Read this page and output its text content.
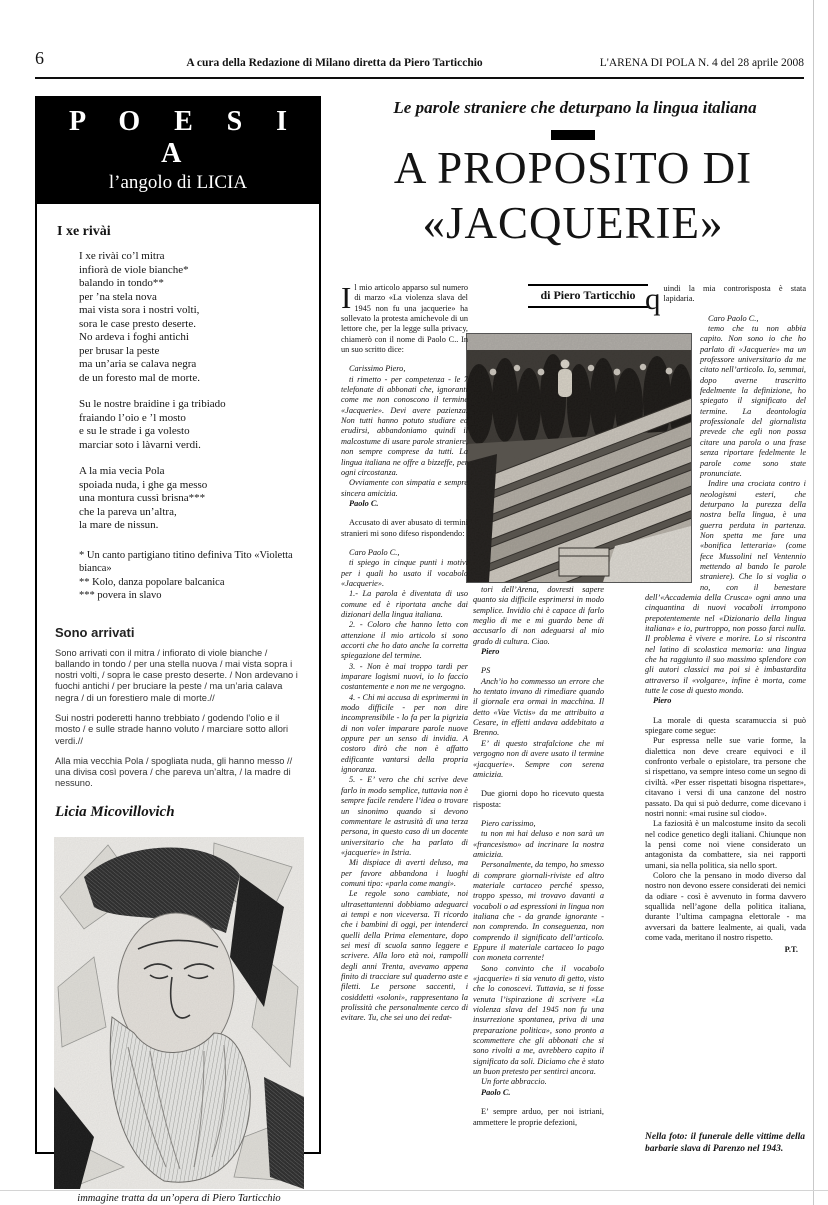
6	A cura della Redazione di Milano diretta da Piero Tarticchio	L'ARENA DI POLA N. 4 del 28 aprile 2008
P O E S I A
l’angolo di LICIA
I xe rivài
I xe rivài co’l mitra
infiorà de viole bianche*
balando in tondo**
per ’na stela nova
mai vista sora i nostri volti,
sora le case presto deserte.
No ardeva i foghi antichi
per brusar la peste
ma un’aria se calava negra
de un foresto mal de morte.
Su le nostre braidine i ga tribiado
fraiando l’oio e ’l mosto
e su le strade i ga volesto
marciar soto i làvarni verdi.
A la mia vecia Pola
spoiada nuda, i ghe ga messo
una montura cussì brisna***
che la pareva un’altra,
la mare de nissun.
* Un canto partigiano titino definiva Tito «Violetta bianca»
** Kolo, danza popolare balcanica
*** povera in slavo
Sono arrivati

Sono arrivati con il mitra / infiorato di viole bianche / ballando in tondo / per una stella nuova / mai vista sopra i nostri volti, / sopra le case presto deserte. / Non ardevano i fuochi antichi / per bruciare la peste / ma un’aria calava negra / di un forestiero male di morte.//

Sui nostri poderetti hanno trebbiato / godendo l’olio e il mosto / e sulle strade hanno voluto / marciare sotto allori verdi.//

Alla mia vecchia Pola / spogliata nuda, gli hanno messo // una divisa così povera / che pareva un’altra, / la madre di nessuno.

Licia Micovillovich
immagine tratta da un’opera di Piero Tarticchio
Le parole straniere che deturpano la lingua italiana
A PROPOSITO DI
«JACQUERIE»
di Piero Tarticchio

Il mio articolo apparso sul numero di marzo «La violenza slava del 1945 non fu una jacquerie» ha sollevato la protesta amichevole di un lettore che, per la legge sulla privacy, chiamerò con il nome di Paolo C.. In un suo scritto dice:

Carissimo Piero,

ti rimetto - per competenza - le 7 telefonate di abbonati che, ignoranti come me non conoscono il termine «Jacquerie». Devi avere pazienza. Non tutti hanno potuto studiare ed erudirsi, abbandoniamo quindi il malcostume di usare parole straniere, non sempre comprese da tutti. La lingua italiana ne offre a bizzeffe, per ogni circostanza.

Ovviamente con simpatia e sempre sincera amicizia.

Paolo C.

Accusato di aver abusato di termini stranieri mi sono difeso rispondendo:

Caro Paolo C.,

ti spiego in cinque punti i motivi per i quali ho usato il vocabolo «Jacquerie».

1.- La parola è diventata di uso comune ed è riportata anche dai dizionari della lingua italiana.

2. - Coloro che hanno letto con attenzione il mio articolo si sono accorti che ho dato anche la corretta spiegazione del termine.

3. - Non è mai troppo tardi per imparare logismi nuovi, io lo faccio costantemente e non me ne vergogno.

4. - Chi mi accusa di esprimermi in modo difficile - per non dire incomprensibile - lo fa per la pigrizia di non voler imparare parole nuove oppure per un senso di invidia. A costoro dirò che non è affatto edificante vantarsi della propria ignoranza.

5. - E’ vero che chi scrive deve farlo in modo semplice, tuttavia non è sempre facile rendere l’idea o trovare un sinonimo quando si devono commentare le astrusità di una terza persona, in questo caso di un docente universitario che ha parlato di «jacquerie» in Istria.

Mi dispiace di averti deluso, ma per favore abbandona i luoghi comuni tipo: «parla come mangi».

Le regole sono cambiate, noi ultrasettantenni dobbiamo adeguarci ai tempi e non viceversa. Ti ricordo che i bambini di oggi, per intenderci quelli della Prima elementare, dopo sei mesi di scuola sanno leggere e scrivere. Alla loro età noi, rampolli degli anni Trenta, avevamo appena finito di tracciare sul quaderno aste e filetti. Le persone saccenti, i cosiddetti «soloni», rappresentano la prolissità che personalmente cerco di evitare. Tu, che sei uno dei redat-

tori dell’Arena, dovresti sapere quanto sia difficile esprimersi in modo semplice. Invidio chi è capace di farlo meglio di me e mi guardo bene di accusarlo di non adeguarsi al mio grado di cultura. Ciao.

Piero

PS

Anch’io ho commesso un errore che ho tentato invano di rimediare quando il giornale era ormai in macchina. Il detto «Vae Victis» da me attribuito a Cesare, in effetti andava addebitato a Brenno.

E’ di questo strafalcione che mi vergogno non di avere usato il termine «jacquerie». Sempre con serena amicizia.

Due giorni dopo ho ricevuto questa risposta:

Piero carissimo,

tu non mi hai deluso e non sarà un «francesismo» ad incrinare la nostra amicizia.

Personalmente, da tempo, ho smesso di comprare giornali-riviste ed altro materiale cartaceo perché spesso, troppo spesso, mi trovavo davanti a vocaboli o ad espressioni in lingua non italiana che - da grande ignorante - non comprendo. In conseguenza, non comprendo il significato dell’articolo. Eppure il materiale cartaceo lo pago con moneta corrente!

Sono convinto che il vocabolo «jacquerie» ti sia venuto di getto, visto che lo conoscevi. Tuttavia, se ti fosse venuta l’ispirazione di scrivere «La violenza slava del 1945 non fu una insurrezione spontanea, priva di una preparazione politica», sono pronto a scommettere che gli abbonati che si sono rivolti a me, avrebbero capito il significato da soli. Diciamo che è stato un buon pretesto per sentirci ancora.

Un forte abbraccio.

Paolo C.

E’ sempre arduo, per noi istriani, ammettere le proprie defezioni,

quindi la mia controrisposta è stata lapidaria.

Caro Paolo C.,

temo che tu non abbia capito. Non sono io che ho parlato di «Jacquerie» ma un professore universitario da me citato nell’articolo. Io, semmai, dopo averne trascritto fedelmente la definizione, ho spiegato il significato del termine. La deontologia professionale del giornalista prevede che egli non possa citare una parola o una frase senza riportare fedelmente le parole come sono state pronunciate.

Indire una crociata contro i neologismi esteri, che deturpano la purezza della nostra bella lingua, è una guerra perduta in partenza. Non spetta me fare una «bonifica letteraria» (come fece Mussolini nel Ventennio mettendo al bando le parole straniere). Che lo si voglia o no, con il benestare dell’«Accademia della Crusca» ogni anno una cinquantina di nuovi vocaboli irrompono prepotentemente nel «Dizionario della lingua italiana» e io, purtroppo, non posso farci nulla. Il problema è vivere e morire. Lo si riscontra nel latino di scolastica memoria: una lingua che ha raggiunto il suo massimo splendore con gli autori classici ma poi si è imbastardita attraverso il «volgare», infine è morta, come tutte le cose di questo mondo.

Piero

La morale di questa scaramuccia si può spiegare come segue:

Pur espressa nelle sue varie forme, la dialettica non deve creare equivoci e il confronto verbale o epistolare, tra persone che si rispettano, va sempre inteso come un segno di civiltà. «Per esser rispettati bisogna rispettare», citavano i versi di una canzone del nostro passato. Da qui si può dedurre, come dicevano i nostri nonni: «mai rusine sul ciodo».

La faziosità è un malcostume insito da secoli nel codice genetico degli italiani. Chiunque non la pensi come noi viene considerato un antagonista da combattere, sia nei rapporti umani, sia nella politica, sia nello sport.

Coloro che la pensano in modo diverso dal nostro non devono essere considerati dei nemici da odiare - così è avvenuto in forma davvero squallida nell’agone della politica italiana, durante l’ultima campagna elettorale - ma avversari da battere lealmente, ai quali, vada come vada, meritano il nostro rispetto.

P.T.

Nella foto: il funerale delle vittime della barbarie slava di Parenzo nel 1943.
